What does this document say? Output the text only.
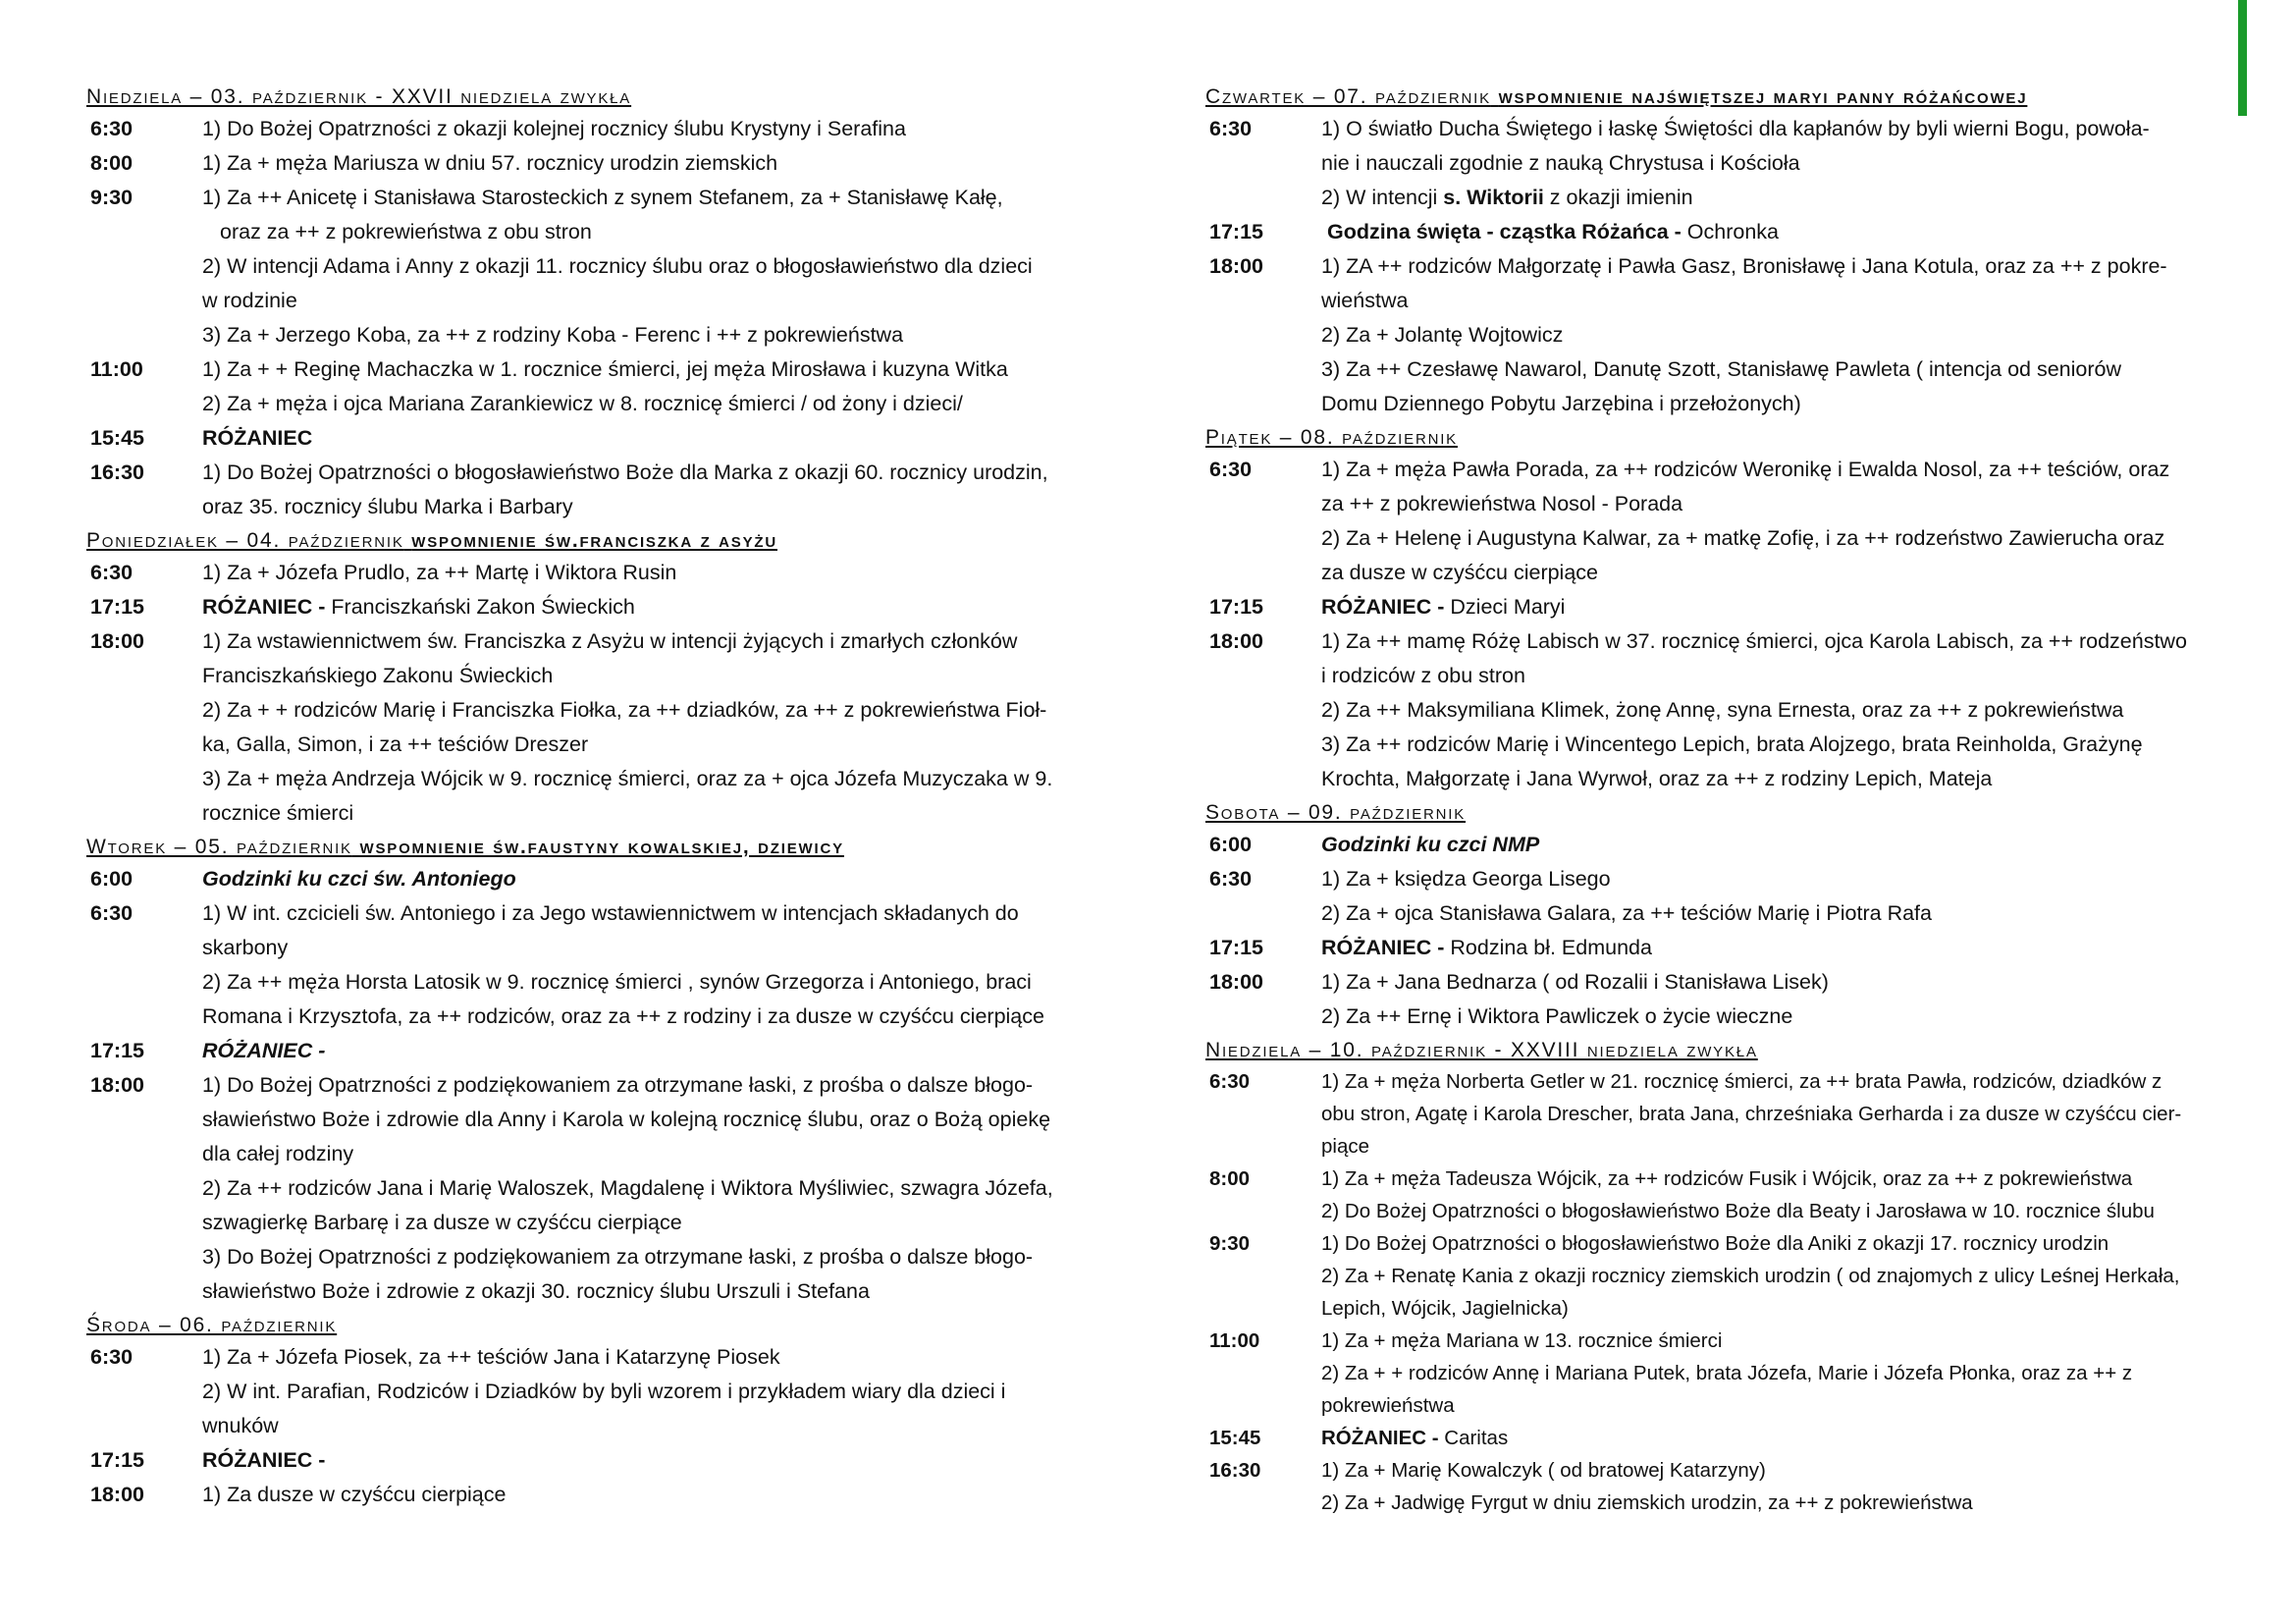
Niedziela – 03. październik - XXVII niedziela zwykła
6:30	1) Do Bożej Opatrzności z okazji kolejnej rocznicy ślubu Krystyny i Serafina
8:00	1) Za + męża Mariusza w dniu 57. rocznicy urodzin ziemskich
9:30	1) Za ++ Anicetę i Stanisława Starosteckich z synem Stefanem, za + Stanisławę Kałę,
oraz za ++ z pokrewieństwa z obu stron
2) W intencji Adama i Anny z okazji 11. rocznicy ślubu oraz o błogosławieństwo dla dzieci
w rodzinie
3) Za + Jerzego Koba, za ++ z rodziny Koba - Ferenc i ++ z pokrewieństwa
11:00	1) Za + + Reginę Machaczka w 1. rocznice śmierci, jej męża Mirosława i kuzyna Witka
2) Za + męża i ojca Mariana Zarankiewicz w 8. rocznicę śmierci / od żony i dzieci/
15:45	RÓŻANIEC
16:30	1) Do Bożej Opatrzności o błogosławieństwo Boże dla Marka z okazji 60. rocznicy urodzin,
oraz 35. rocznicy ślubu Marka i Barbary
Poniedziałek – 04. październik wspomnienie św.franciszka z asyżu
6:30	1) Za + Józefa Prudlo, za ++ Martę i Wiktora Rusin
17:15	RÓŻANIEC - Franciszkański Zakon Świeckich
18:00	1) Za wstawiennictwem św. Franciszka z Asyżu w intencji żyjących i zmarłych członków
Franciszkańskiego Zakonu Świeckich
2) Za + + rodziców Marię i Franciszka Fiołka, za ++ dziadków, za ++ z pokrewieństwa Fioł-
ka, Galla, Simon, i za ++ teściów Dreszer
3) Za + męża Andrzeja Wójcik w 9. rocznicę śmierci, oraz za + ojca Józefa Muzyczaka w 9.
rocznice śmierci
Wtorek – 05. październik wspomnienie św.faustyny kowalskiej, dziewicy
6:00	Godzinki ku czci św. Antoniego
6:30	1) W int. czcicieli św. Antoniego i za Jego wstawiennictwem w intencjach składanych do
skarbony
2) Za ++ męża Horsta Latosik w 9. rocznicę śmierci , synów Grzegorza i Antoniego, braci
Romana i Krzysztofa, za ++ rodziców, oraz za ++ z rodziny i za dusze w czyśćcu cierpiące
17:15	RÓŻANIEC -
18:00	1) Do Bożej Opatrzności z podziękowaniem za otrzymane łaski, z prośba o dalsze błogo-
sławieństwo Boże i zdrowie dla Anny i Karola w kolejną rocznicę ślubu, oraz o Bożą opiekę
dla całej rodziny
2) Za ++ rodziców Jana i Marię Waloszek, Magdalenę i Wiktora Myśliwiec, szwagra Józefa,
szwagierkę Barbarę i za dusze w czyśćcu cierpiące
3) Do Bożej Opatrzności z podziękowaniem za otrzymane łaski, z prośba o dalsze błogo-
sławieństwo Boże i zdrowie z okazji 30. rocznicy ślubu Urszuli i Stefana
Środa – 06. październik
6:30	1) Za + Józefa Piosek, za ++ teściów Jana i Katarzynę Piosek
2) W int. Parafian, Rodziców i Dziadków by byli wzorem i przykładem wiary dla dzieci i
wnuków
17:15	RÓŻANIEC -
18:00	1) Za dusze w czyśćcu cierpiące
Czwartek – 07. październik wspomnienie najświętszej maryi panny różańcowej
6:30	1) O światło Ducha Świętego i łaskę Świętości dla kapłanów by byli wierni Bogu, powoła-
nie i nauczali zgodnie z nauką Chrystusa i Kościoła
2) W intencji s. Wiktorii z okazji imienin
17:15	Godzina święta - cząstka Różańca - Ochronka
18:00	1) ZA ++ rodziców Małgorzatę i Pawła Gasz, Bronisławę i Jana Kotula, oraz za ++ z pokre-
wieństwa
2) Za + Jolantę Wojtowicz
3) Za ++ Czesławę Nawarol, Danutę Szott, Stanisławę Pawleta ( intencja od seniorów
Domu Dziennego Pobytu Jarzębina i przełożonych)
Piątek – 08. październik
6:30	1) Za + męża Pawła Porada, za ++ rodziców Weronikę i Ewalda Nosol, za ++ teściów, oraz
za ++ z pokrewieństwa Nosol - Porada
2) Za + Helenę i Augustyna Kalwar, za + matkę Zofię, i za ++ rodzeństwo Zawierucha oraz
za dusze w czyśćcu cierpiące
17:15	RÓŻANIEC - Dzieci Maryi
18:00	1) Za ++ mamę Różę Labisch w 37. rocznicę śmierci, ojca Karola Labisch, za ++ rodzeństwo
i rodziców z obu stron
2) Za ++ Maksymiliana Klimek, żonę Annę, syna Ernesta, oraz za ++ z pokrewieństwa
3) Za ++ rodziców Marię i Wincentego Lepich, brata Alojzego, brata Reinholda, Grażynę
Krochta, Małgorzatę i Jana Wyrwoł, oraz za ++ z rodziny Lepich, Mateja
Sobota – 09. październik
6:00	Godzinki ku czci NMP
6:30	1) Za + księdza Georga Lisego
2) Za + ojca Stanisława Galara, za ++ teściów Marię i Piotra Rafa
17:15	RÓŻANIEC - Rodzina bł. Edmunda
18:00	1) Za + Jana Bednarza ( od Rozalii i Stanisława Lisek)
2) Za ++ Ernę i Wiktora Pawliczek o życie wieczne
Niedziela – 10. październik - XXVIII niedziela zwykła
6:30	1) Za + męża Norberta Getler w 21. rocznicę śmierci, za ++ brata Pawła, rodziców, dziadków z
obu stron, Agatę i Karola Drescher, brata Jana, chrześniaka Gerharda i za dusze w czyśćcu cier-
piące
8:00	1) Za + męża Tadeusza Wójcik, za ++ rodziców Fusik i Wójcik, oraz za ++ z pokrewieństwa
2) Do Bożej Opatrzności o błogosławieństwo Boże dla Beaty i Jarosława w 10. rocznice ślubu
9:30	1) Do Bożej Opatrzności o błogosławieństwo Boże dla Aniki z okazji 17. rocznicy urodzin
2) Za + Renatę Kania z okazji rocznicy ziemskich urodzin ( od znajomych z ulicy Leśnej Herkała,
Lepich, Wójcik, Jagielnicka)
11:00	1) Za + męża Mariana w 13. rocznice śmierci
2) Za + + rodziców Annę i Mariana Putek, brata Józefa, Marie i Józefa Płonka, oraz za ++ z
pokrewieństwa
15:45	RÓŻANIEC - Caritas
16:30	1) Za + Marię Kowalczyk ( od bratowej Katarzyny)
2) Za + Jadwigę Fyrgut w dniu ziemskich urodzin, za ++ z pokrewieństwa
